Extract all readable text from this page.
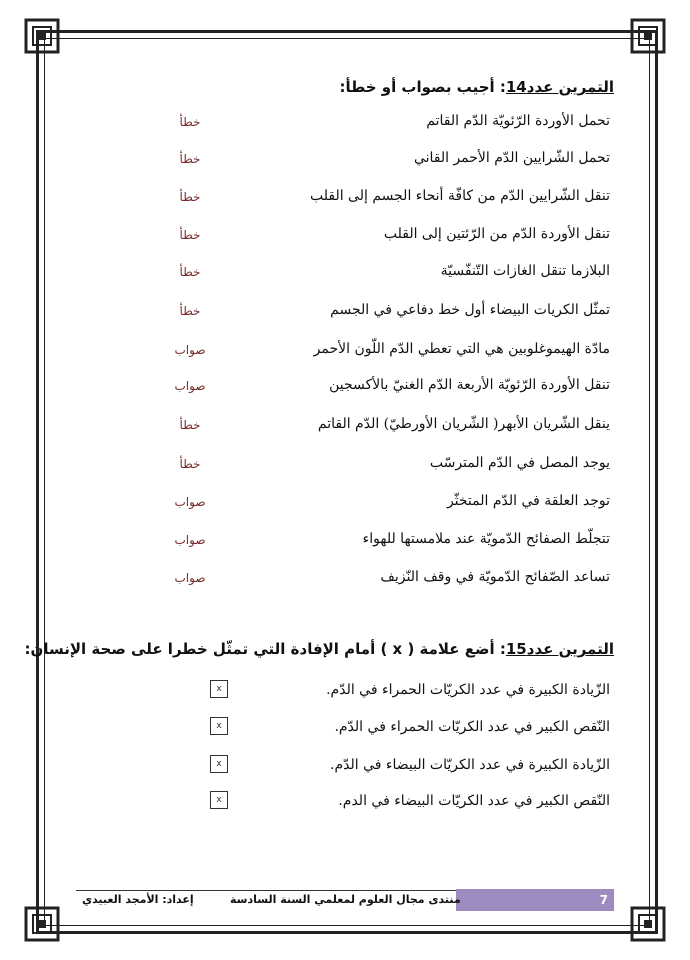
التمرين عدد14: أجيب بصواب أو خطأ:
تحمل الأوردة الرّئويّة الدّم القاتم
خطأ
تحمل الشّرايين الدّم الأحمر القاني
خطأ
تنقل الشّرايين الدّم من كافّة أنحاء الجسم إلى القلب
خطأ
تنقل الأوردة الدّم من الرّئتين إلى القلب
خطأ
البلازما تنقل الغازات التّنفّسيّة
خطأ
تمثّل الكريات البيضاء أول خط دفاعي في الجسم
خطأ
مادّة الهيموغلوبين هي التي تعطي الدّم اللّون الأحمر
صواب
تنقل الأوردة الرّئويّة الأربعة الدّم الغنيّ بالأكسجين
صواب
ينقل الشّريان الأبهر( الشّريان الأورطيّ) الدّم القاتم
خطأ
يوجد المصل في الدّم المترسّب
خطأ
توجد العلقة في الدّم المتخثّر
صواب
تتجلّط الصفائح الدّمويّة عند ملامستها للهواء
صواب
تساعد الصّفائح الدّمويّة في وقف النّزيف
صواب
التمرين عدد15: أضع علامة ( x ) أمام الإفادة التي تمثّل خطرا على صحة الإنسان:
الزّيادة الكبيرة في عدد الكريّات الحمراء في الدّم.
x
النّقص الكبير في عدد الكريّات الحمراء في الدّم.
x
الزّيادة الكبيرة في عدد الكريّات البيضاء في الدّم.
x
النّقص الكبير في عدد الكريّات البيضاء في الدم.
x
7
منتدى مجال العلوم لمعلمي السنة السادسة
إعداد: الأمجد العبيدي
